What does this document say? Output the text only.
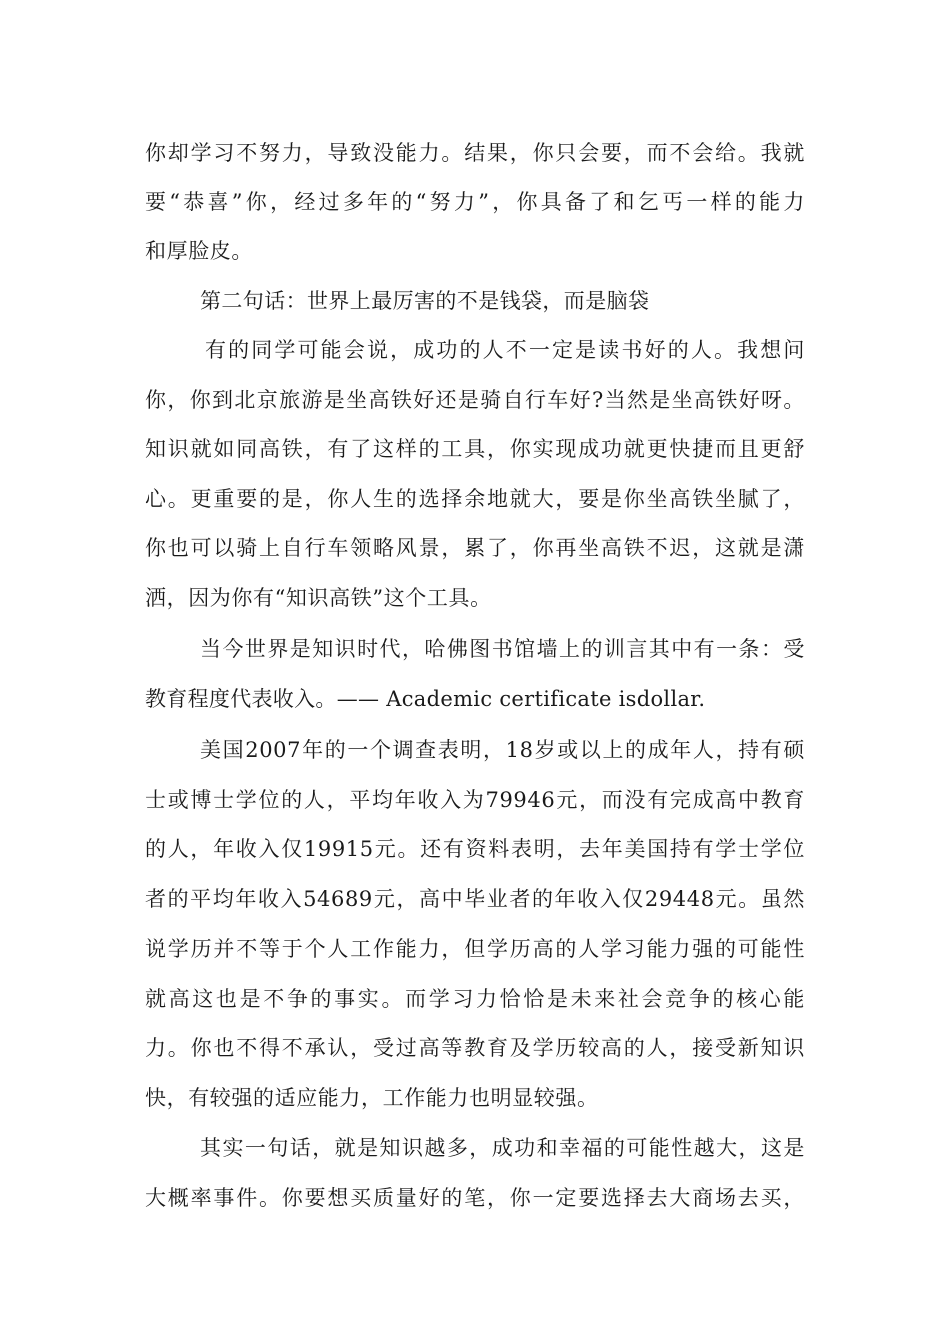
你却学习不努力，导致没能力。结果，你只会要，而不会给。我就
要“恭喜”你，经过多年的“努力”，你具备了和乞丐一样的能力
和厚脸皮。
第二句话：世界上最厉害的不是钱袋，而是脑袋
有的同学可能会说，成功的人不一定是读书好的人。我想问
你，你到北京旅游是坐高铁好还是骑自行车好?当然是坐高铁好呀。
知识就如同高铁，有了这样的工具，你实现成功就更快捷而且更舒
心。更重要的是，你人生的选择余地就大，要是你坐高铁坐腻了，
你也可以骑上自行车领略风景，累了，你再坐高铁不迟，这就是潇
洒，因为你有“知识高铁”这个工具。
当今世界是知识时代，哈佛图书馆墙上的训言其中有一条：受
教育程度代表收入。—— Academic certificate isdollar.
美国2007年的一个调查表明，18岁或以上的成年人，持有硕
士或博士学位的人，平均年收入为79946元，而没有完成高中教育
的人，年收入仅19915元。还有资料表明，去年美国持有学士学位
者的平均年收入54689元，高中毕业者的年收入仅29448元。虽然
说学历并不等于个人工作能力，但学历高的人学习能力强的可能性
就高这也是不争的事实。而学习力恰恰是未来社会竞争的核心能
力。你也不得不承认，受过高等教育及学历较高的人，接受新知识
快，有较强的适应能力，工作能力也明显较强。
其实一句话，就是知识越多，成功和幸福的可能性越大，这是
大概率事件。你要想买质量好的笔，你一定要选择去大商场去买，
